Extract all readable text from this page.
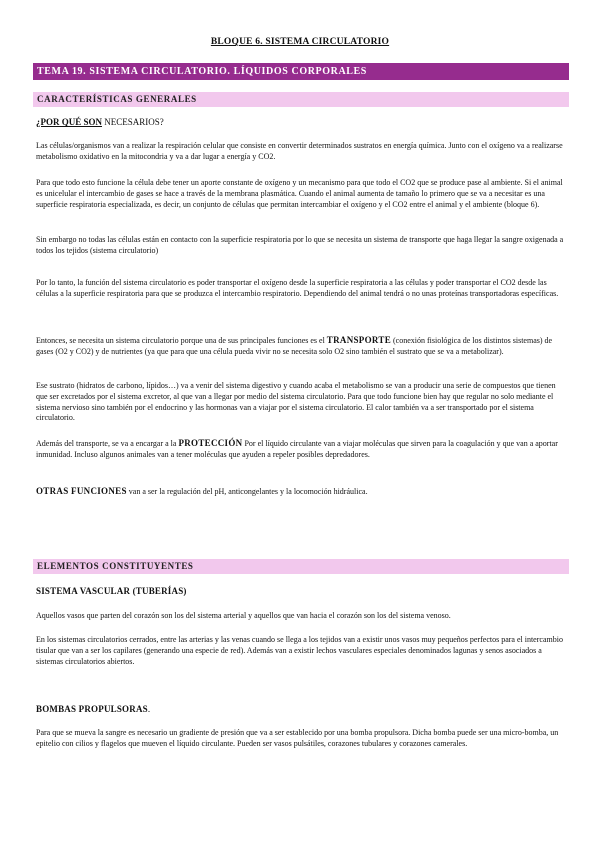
BLOQUE 6. SISTEMA CIRCULATORIO
TEMA 19. SISTEMA CIRCULATORIO. LÍQUIDOS CORPORALES
CARACTERÍSTICAS GENERALES
¿POR QUÉ SON NECESARIOS?
Las células/organismos van a realizar la respiración celular que consiste en convertir determinados sustratos en energía química. Junto con el oxígeno va a realizarse metabolismo oxidativo en la mitocondria y va a dar lugar a energía y CO2.
Para que todo esto funcione la célula debe tener un aporte constante de oxígeno y un mecanismo para que todo el CO2 que se produce pase al ambiente. Si el animal es unicelular el intercambio de gases se hace a través de la membrana plasmática. Cuando el animal aumenta de tamaño lo primero que se va a necesitar es una superficie respiratoria especializada, es decir, un conjunto de células que permitan intercambiar el oxígeno y el CO2 entre el animal y el ambiente (bloque 6).
Sin embargo no todas las células están en contacto con la superficie respiratoria por lo que se necesita un sistema de transporte que haga llegar la sangre oxigenada a todos los tejidos (sistema circulatorio)
Por lo tanto, la función del sistema circulatorio es poder transportar el oxígeno desde la superficie respiratoria a las células y poder transportar el CO2 desde las células a la superficie respiratoria para que se produzca el intercambio respiratorio. Dependiendo del animal tendrá o no unas proteínas transportadoras específicas.
Entonces, se necesita un sistema circulatorio porque una de sus principales funciones es el TRANSPORTE (conexión fisiológica de los distintos sistemas) de gases (O2 y CO2) y de nutrientes (ya que para que una célula pueda vivir no se necesita solo O2 sino también el sustrato que se va a metabolizar).
Ese sustrato (hidratos de carbono, lípidos…) va a venir del sistema digestivo y cuando acaba el metabolismo se van a producir una serie de compuestos que tienen que ser excretados por el sistema excretor, al que van a llegar por medio del sistema circulatorio. Para que todo funcione bien hay que regular no solo mediante el sistema nervioso sino también por el endocrino y las hormonas van a viajar por el sistema circulatorio. El calor también va a ser transportado por el sistema circulatorio.
Además del transporte, se va a encargar a la PROTECCIÓN Por el líquido circulante van a viajar moléculas que sirven para la coagulación y que van a aportar inmunidad. Incluso algunos animales van a tener moléculas que ayuden a repeler posibles depredadores.
OTRAS FUNCIONES van a ser la regulación del pH, anticongelantes y la locomoción hidráulica.
ELEMENTOS CONSTITUYENTES
SISTEMA VASCULAR (TUBERÍAS)
Aquellos vasos que parten del corazón son los del sistema arterial y aquellos que van hacia el corazón son los del sistema venoso.
En los sistemas circulatorios cerrados, entre las arterias y las venas cuando se llega a los tejidos van a existir unos vasos muy pequeños perfectos para el intercambio tisular que van a ser los capilares (generando una especie de red). Además van a existir lechos vasculares especiales denominados lagunas y senos asociados a sistemas circulatorios abiertos.
BOMBAS PROPULSORAS.
Para que se mueva la sangre es necesario un gradiente de presión que va a ser establecido por una bomba propulsora. Dicha bomba puede ser una micro-bomba, un epitelio con cilios y flagelos que mueven el líquido circulante. Pueden ser vasos pulsátiles, corazones tubulares y corazones camerales.
